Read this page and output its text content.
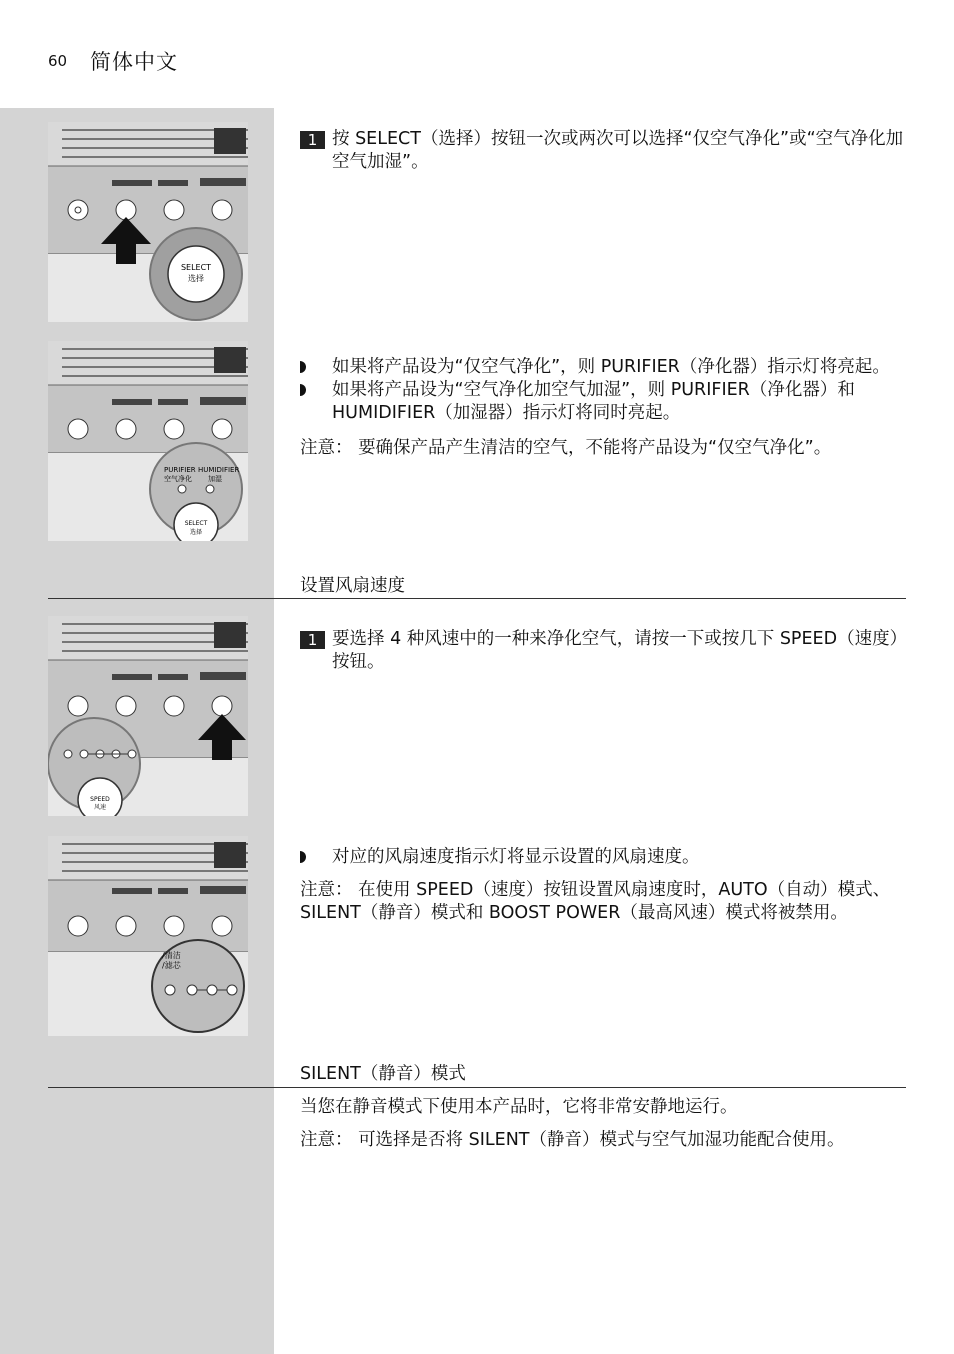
60 简体中文
SELECT
选择
1 按 SELECT（选择）按钮一次或两次可以选择“仅空气净化”或“空气净化加空气加湿”。
PURIFIER HUMIDIFIER
空气净化 加湿
SELECT
选择
如果将产品设为“仅空气净化”，则 PURIFIER（净化器）指示灯将亮起。
如果将产品设为“空气净化加空气加湿”，则 PURIFIER（净化器）和 HUMIDIFIER（加湿器）指示灯将同时亮起。
注意： 要确保产品产生清洁的空气，不能将产品设为“仅空气净化”。
设置风扇速度
SPEED
风速
1 要选择 4 种风速中的一种来净化空气，请按一下或按几下 SPEED（速度）按钮。
/清洁
/滤芯
对应的风扇速度指示灯将显示设置的风扇速度。
注意： 在使用 SPEED（速度）按钮设置风扇速度时，AUTO（自动）模式、SILENT（静音）模式和 BOOST POWER（最高风速）模式将被禁用。
SILENT（静音）模式
当您在静音模式下使用本产品时，它将非常安静地运行。
注意： 可选择是否将 SILENT（静音）模式与空气加湿功能配合使用。
